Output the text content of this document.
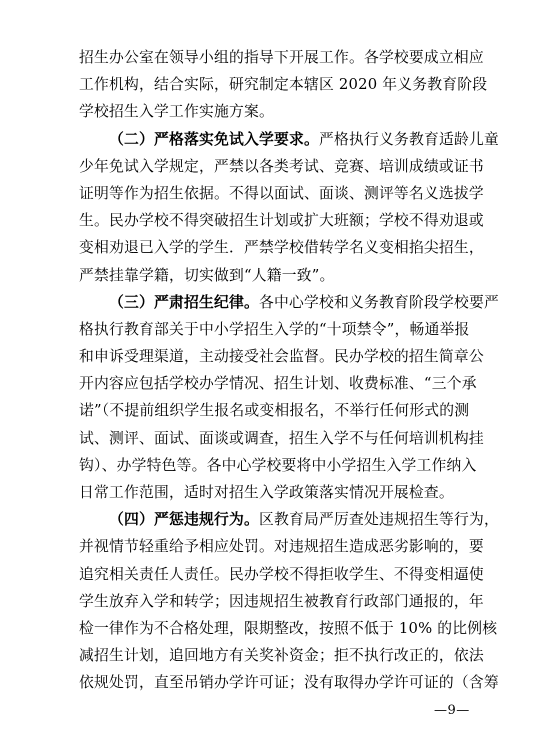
招生办公室在领导小组的指导下开展工作。各学校要成立相应
工作机构，结合实际，研究制定本辖区 2020 年义务教育阶段
学校招生入学工作实施方案。
（二）严格落实免试入学要求。严格执行义务教育适龄儿童
少年免试入学规定，严禁以各类考试、竞赛、培训成绩或证书
证明等作为招生依据。不得以面试、面谈、测评等名义选拔学
生。民办学校不得突破招生计划或扩大班额；学校不得劝退或
变相劝退已入学的学生．严禁学校借转学名义变相掐尖招生，
严禁挂靠学籍，切实做到“人籍一致”。
（三）严肃招生纪律。各中心学校和义务教育阶段学校要严
格执行教育部关于中小学招生入学的“十项禁令”，畅通举报
和申诉受理渠道，主动接受社会监督。民办学校的招生简章公
开内容应包括学校办学情况、招生计划、收费标准、“三个承
诺”（不提前组织学生报名或变相报名，不举行任何形式的测
试、测评、面试、面谈或调查，招生入学不与任何培训机构挂
钩）、办学特色等。各中心学校要将中小学招生入学工作纳入
日常工作范围，适时对招生入学政策落实情况开展检查。
（四）严惩违规行为。区教育局严厉查处违规招生等行为，
并视情节轻重给予相应处罚。对违规招生造成恶劣影响的，要
追究相关责任人责任。民办学校不得拒收学生、不得变相逼使
学生放弃入学和转学；因违规招生被教育行政部门通报的，年
检一律作为不合格处理，限期整改，按照不低于 10% 的比例核
减招生计划，追回地方有关奖补资金；拒不执行改正的，依法
依规处罚，直至吊销办学许可证；没有取得办学许可证的（含筹
—9—
